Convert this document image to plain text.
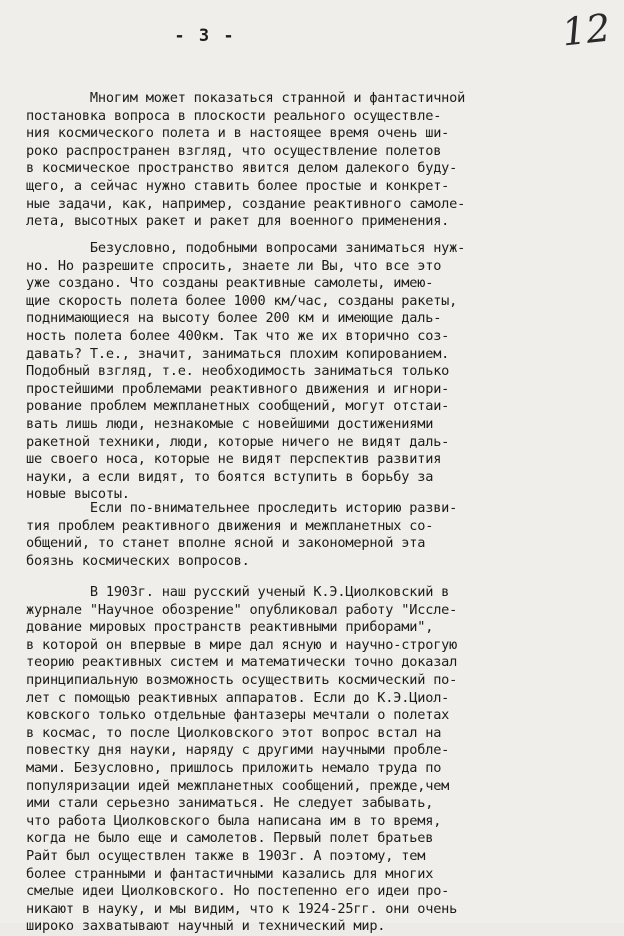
- 3 -	12
Многим может показаться странной и фантастичной
постановка вопроса в плоскости реального осуществле-
ния космического полета и в настоящее время очень ши-
роко распространен взгляд, что осуществление полетов
в космическое пространство явится делом далекого буду-
щего, а сейчас нужно ставить более простые и конкрет-
ные задачи, как, например, создание реактивного самоле-
лета, высотных ракет и ракет для военного применения.
Безусловно, подобными вопросами заниматься нуж-
но. Но разрешите спросить, знаете ли Вы, что все это
уже создано. Что созданы реактивные самолеты, имею-
щие скорость полета более 1000 км/час, созданы ракеты,
поднимающиеся на высоту более 200 км и имеющие даль-
ность полета более 400км. Так что же их вторично соз-
давать? Т.е., значит, заниматься плохим копированием.
Подобный взгляд, т.е. необходимость заниматься только
простейшими проблемами реактивного движения и игнори-
рование проблем межпланетных сообщений, могут отстаи-
вать лишь люди, незнакомые с новейшими достижениями
ракетной техники, люди, которые ничего не видят даль-
ше своего носа, которые не видят перспектив развития
науки, а если видят, то боятся вступить в борьбу за
новые высоты.
Если по-внимательнее проследить историю разви-
тия проблем реактивного движения и межпланетных со-
общений, то станет вполне ясной и закономерной эта
боязнь космических вопросов.
В 1903г. наш русский ученый К.Э.Циолковский в
журнале "Научное обозрение" опубликовал работу "Иссле-
дование мировых пространств реактивными приборами",
в которой он впервые в мире дал ясную и научно-строгую
теорию реактивных систем и математически точно доказал
принципиальную возможность осуществить космический по-
лет с помощью реактивных аппаратов. Если до К.Э.Циол-
ковского только отдельные фантазеры мечтали о полетах
в космас, то после Циолковского этот вопрос встал на
повестку дня науки, наряду с другими научными пробле-
мами. Безусловно, пришлось приложить немало труда по
популяризации идей межпланетных сообщений, прежде,чем
ими стали серьезно заниматься. Не следует забывать,
что работа Циолковского была написана им в то время,
когда не было еще и самолетов. Первый полет братьев
Райт был осуществлен также в 1903г. А поэтому, тем
более странными и фантастичными казались для многих
смелые идеи Циолковского. Но постепенно его идеи про-
никают в науку, и мы видим, что к 1924-25гг. они очень
широко захватывают научный и технический мир.
